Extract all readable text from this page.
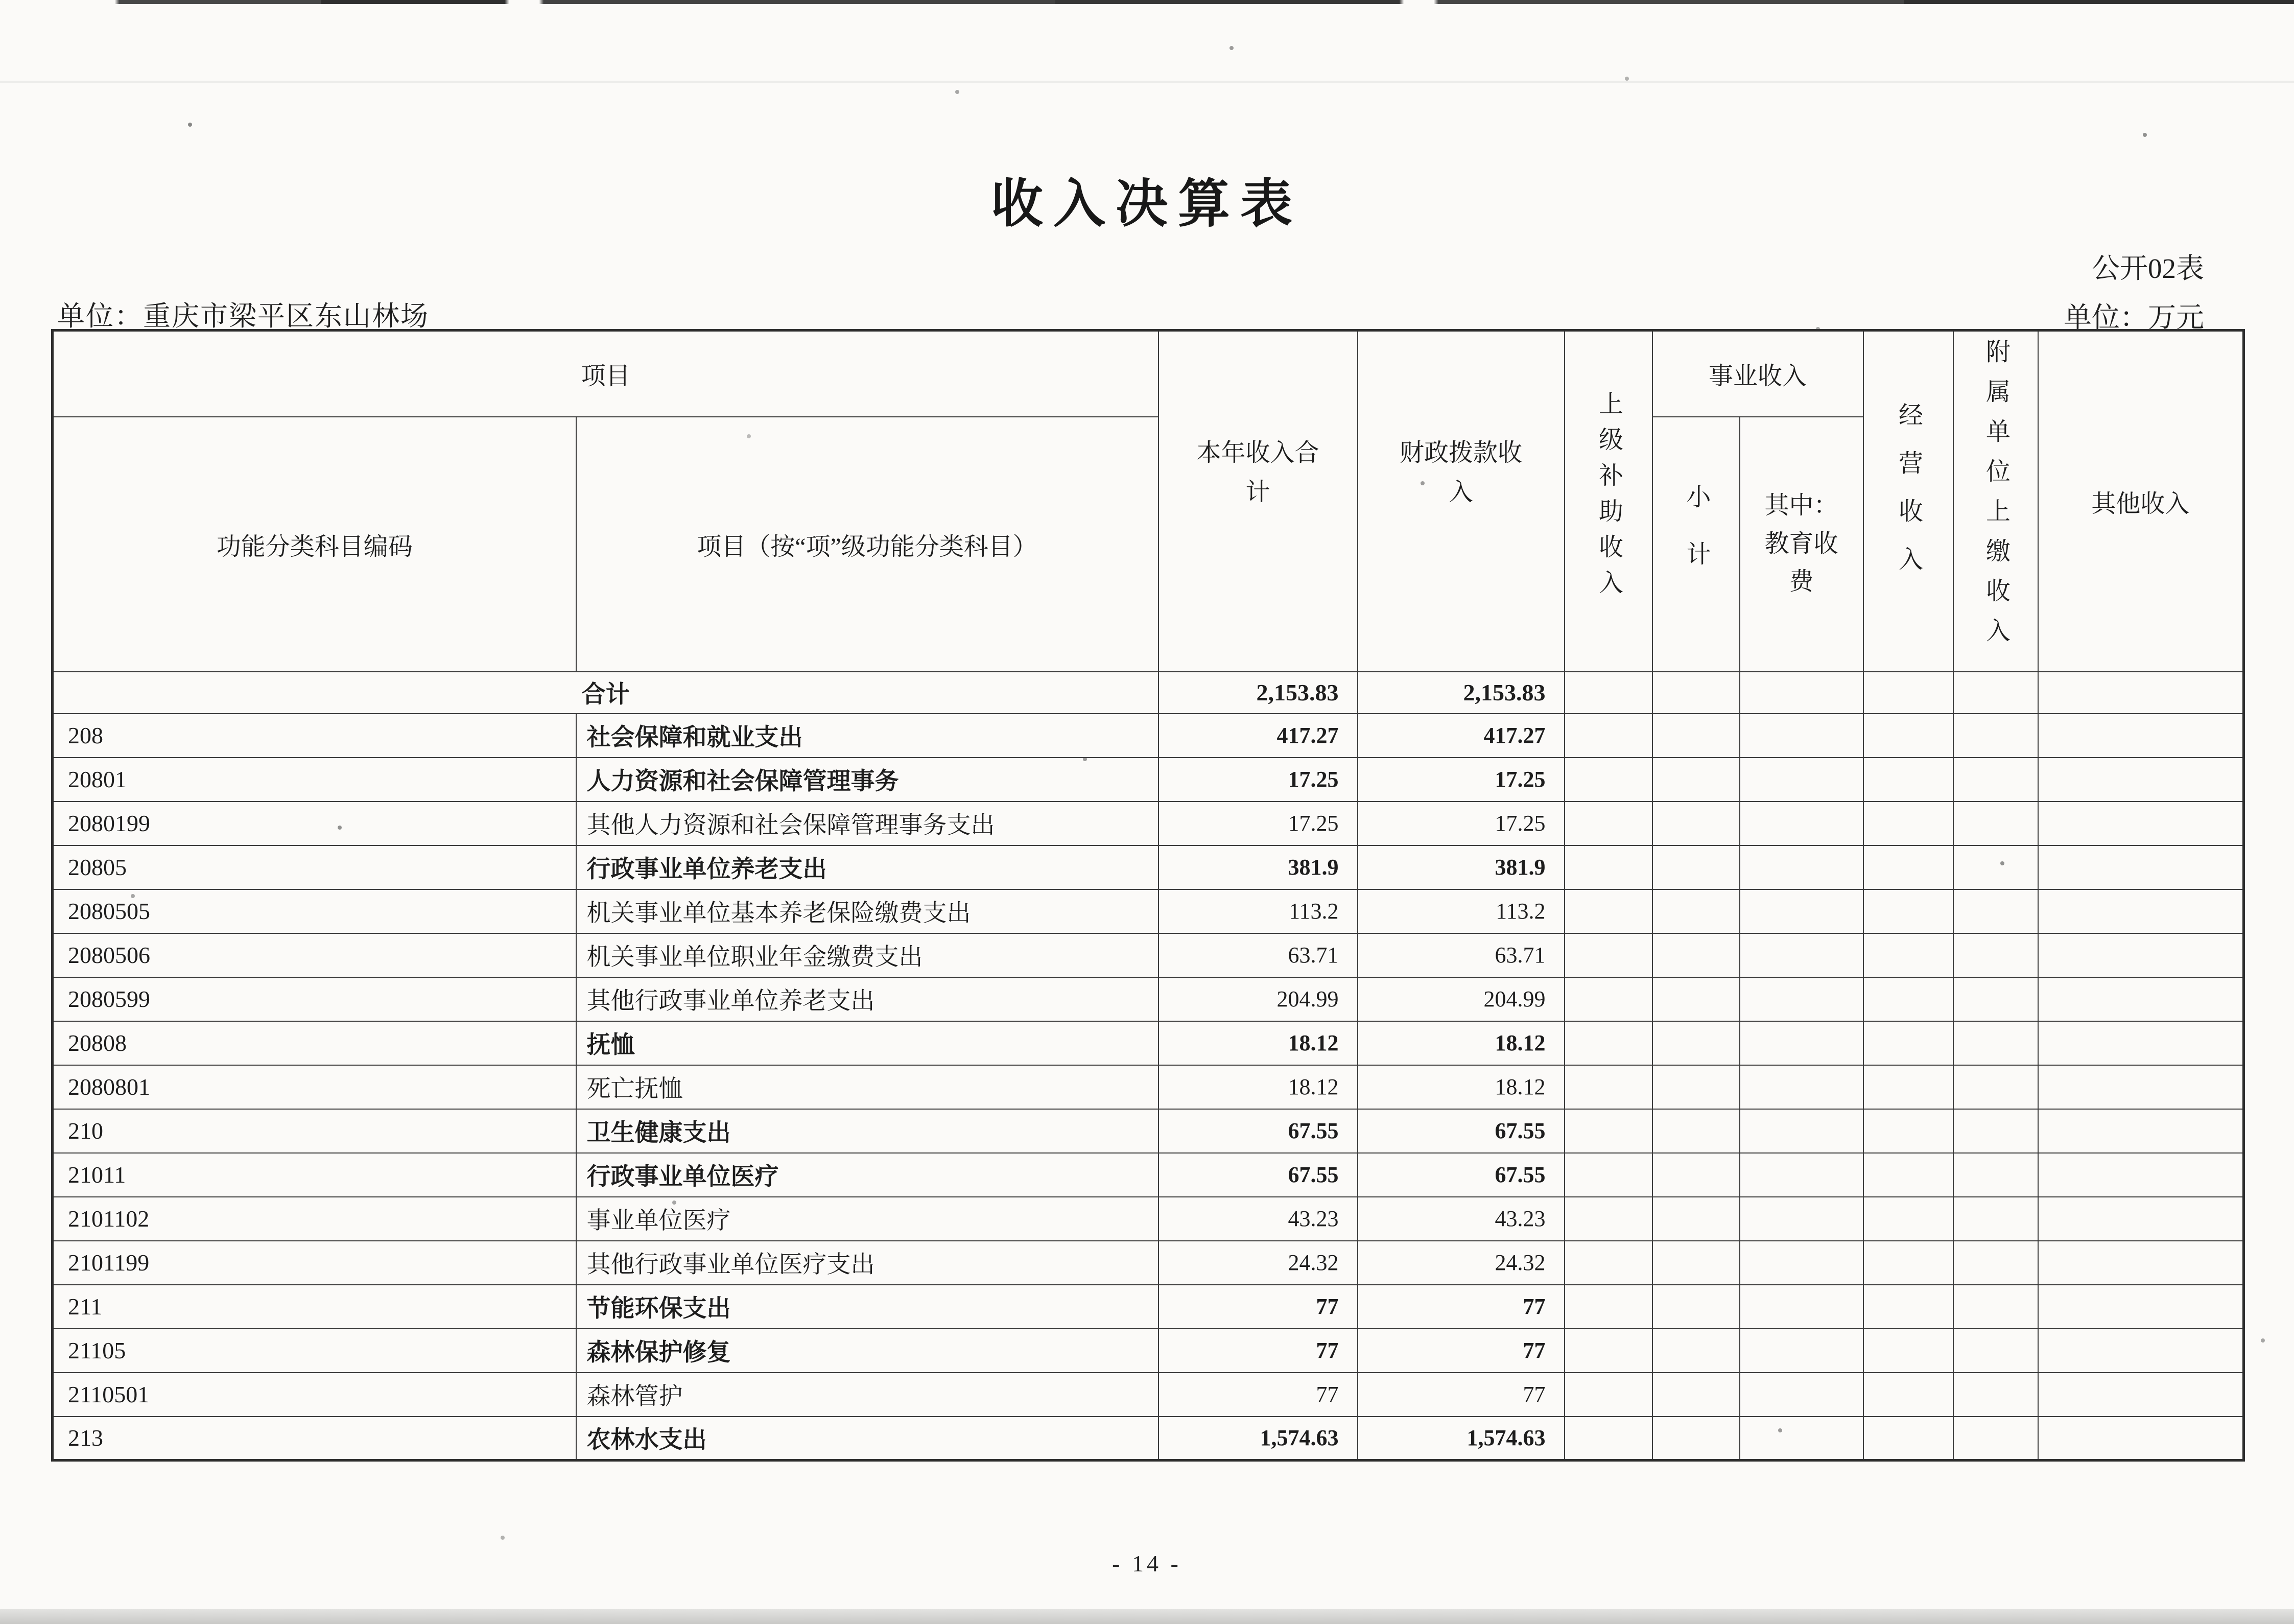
收入决算表
公开02表
单位：万元
单位：重庆市梁平区东山林场
项目		本年收入合计	财政拨款收入	上级补助收入	事业收入		经营收入	附属单位上缴收入	其他收入
功能分类科目编码	项目（按“项”级功能分类科目）				小计	其中：教育收费			
合计		2,153.83	2,153.83						
208	社会保障和就业支出	417.27	417.27						
20801	人力资源和社会保障管理事务	17.25	17.25						
2080199	其他人力资源和社会保障管理事务支出	17.25	17.25						
20805	行政事业单位养老支出	381.9	381.9						
2080505	机关事业单位基本养老保险缴费支出	113.2	113.2						
2080506	机关事业单位职业年金缴费支出	63.71	63.71						
2080599	其他行政事业单位养老支出	204.99	204.99						
20808	抚恤	18.12	18.12						
2080801	死亡抚恤	18.12	18.12						
210	卫生健康支出	67.55	67.55						
21011	行政事业单位医疗	67.55	67.55						
2101102	事业单位医疗	43.23	43.23						
2101199	其他行政事业单位医疗支出	24.32	24.32						
211	节能环保支出	77	77						
21105	森林保护修复	77	77						
2110501	森林管护	77	77						
213	农林水支出	1,574.63	1,574.63						
- 14 -
